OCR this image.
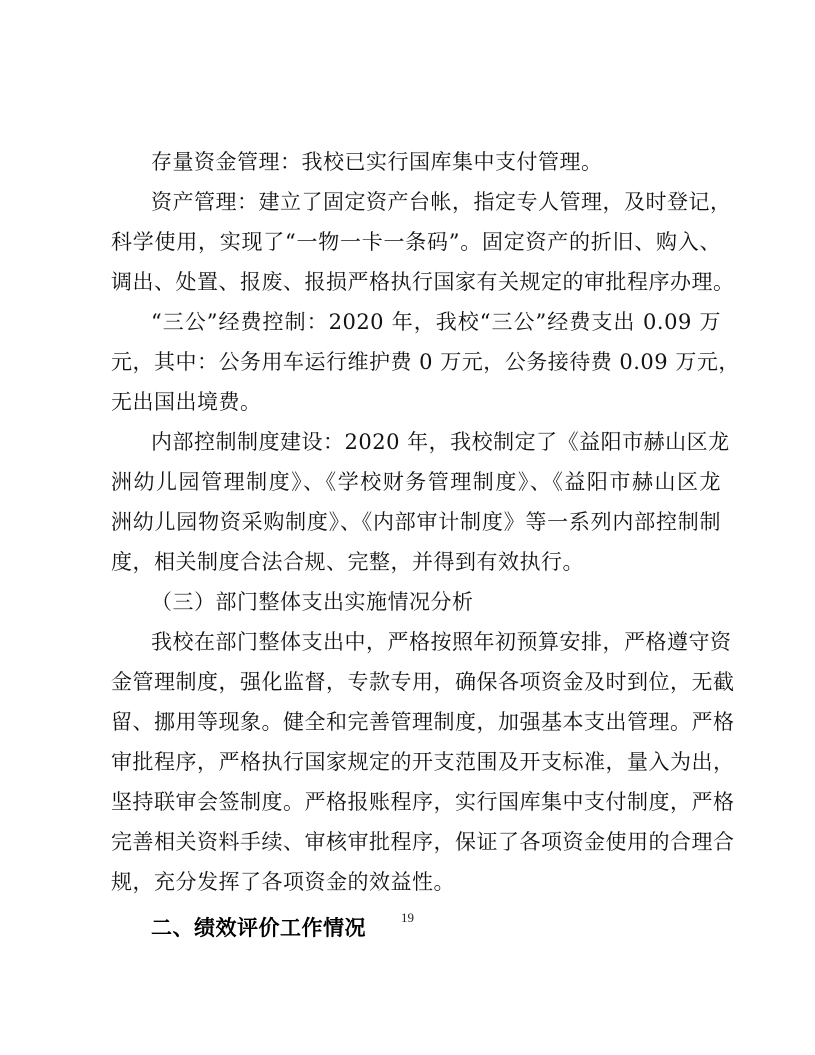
存量资金管理：我校已实行国库集中支付管理。
资产管理：建立了固定资产台帐，指定专人管理，及时登记，
科学使用，实现了“一物一卡一条码”。固定资产的折旧、购入、
调出、处置、报废、报损严格执行国家有关规定的审批程序办理。
“三公”经费控制：2020 年，我校“三公”经费支出 0.09 万
元，其中：公务用车运行维护费 0 万元，公务接待费 0.09 万元，
无出国出境费。
内部控制制度建设：2020 年，我校制定了《益阳市赫山区龙
洲幼儿园管理制度》、《学校财务管理制度》、《益阳市赫山区龙
洲幼儿园物资采购制度》、《内部审计制度》等一系列内部控制制
度，相关制度合法合规、完整，并得到有效执行。
（三）部门整体支出实施情况分析
我校在部门整体支出中，严格按照年初预算安排，严格遵守资
金管理制度，强化监督，专款专用，确保各项资金及时到位，无截
留、挪用等现象。健全和完善管理制度，加强基本支出管理。严格
审批程序，严格执行国家规定的开支范围及开支标准，量入为出，
坚持联审会签制度。严格报账程序，实行国库集中支付制度，严格
完善相关资料手续、审核审批程序，保证了各项资金使用的合理合
规，充分发挥了各项资金的效益性。
二、绩效评价工作情况	19
